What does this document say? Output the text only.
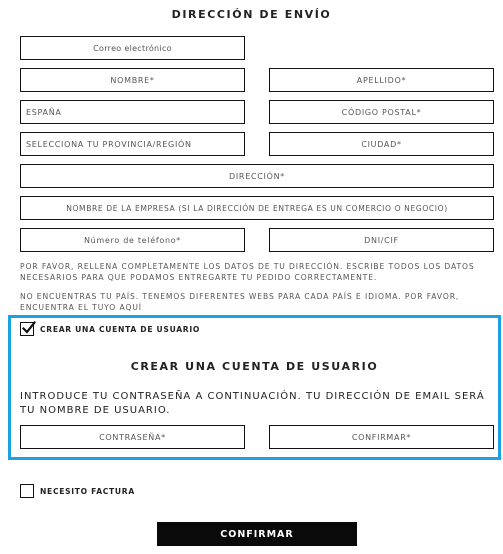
DIRECCIÓN DE ENVÍO
Correo electrónico
NOMBRE*	APELLIDO*
ESPAÑA	CÓDIGO POSTAL*
SELECCIONA TU PROVINCIA/REGIÓN	CIUDAD*
DIRECCIÓN*
NOMBRE DE LA EMPRESA (SI LA DIRECCIÓN DE ENTREGA ES UN COMERCIO O NEGOCIO)
Número de teléfono*	DNI/CIF
POR FAVOR, RELLENA COMPLETAMENTE LOS DATOS DE TU DIRECCIÓN. ESCRIBE TODOS LOS DATOS NECESARIOS PARA QUE PODAMOS ENTREGARTE TU PEDIDO CORRECTAMENTE.
NO ENCUENTRAS TU PAÍS. TENEMOS DIFERENTES WEBS PARA CADA PAÍS E IDIOMA. POR FAVOR, ENCUENTRA EL TUYO AQUÍ
CREAR UNA CUENTA DE USUARIO
CREAR UNA CUENTA DE USUARIO
INTRODUCE TU CONTRASEÑA A CONTINUACIÓN. TU DIRECCIÓN DE EMAIL SERÁ TU NOMBRE DE USUARIO.
CONTRASEÑA*	CONFIRMAR*
NECESITO FACTURA
CONFIRMAR
